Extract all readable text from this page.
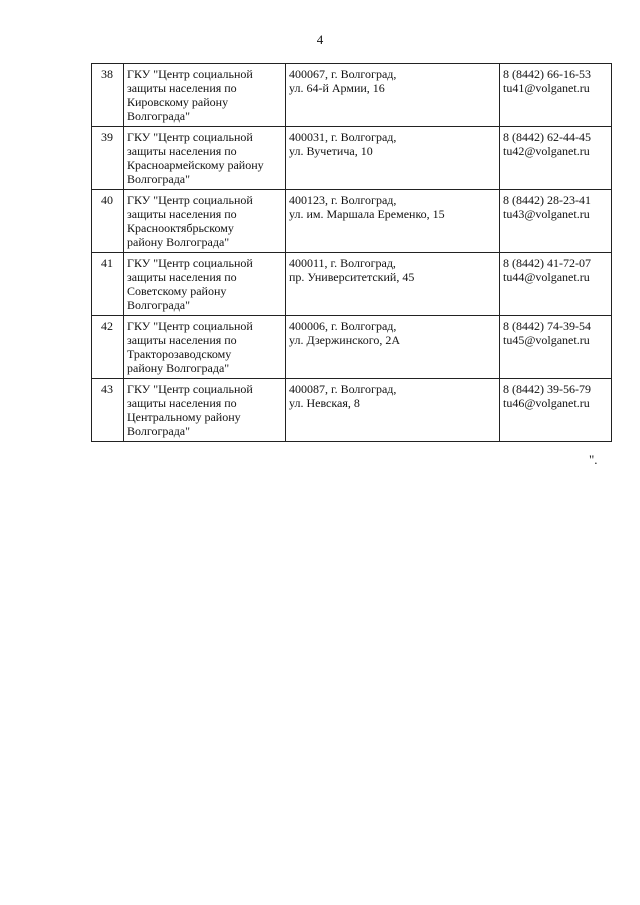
4
38	ГКУ "Центр социальной
защиты населения по
Кировскому району
Волгограда"	400067, г. Волгоград,
ул. 64-й Армии, 16	8 (8442) 66-16-53
tu41@volganet.ru
39	ГКУ "Центр социальной
защиты населения по
Красноармейскому району
Волгограда"	400031, г. Волгоград,
ул. Вучетича, 10	8 (8442) 62-44-45
tu42@volganet.ru
40	ГКУ "Центр социальной
защиты населения по
Краснооктябрьскому
району Волгограда"	400123, г. Волгоград,
ул. им. Маршала Еременко, 15	8 (8442) 28-23-41
tu43@volganet.ru
41	ГКУ "Центр социальной
защиты населения по
Советскому району
Волгограда"	400011, г. Волгоград,
пр. Университетский, 45	8 (8442) 41-72-07
tu44@volganet.ru
42	ГКУ "Центр социальной
защиты населения по
Тракторозаводскому
району Волгограда"	400006, г. Волгоград,
ул. Дзержинского, 2А	8 (8442) 74-39-54
tu45@volganet.ru
43	ГКУ "Центр социальной
защиты населения по
Центральному району
Волгограда"	400087, г. Волгоград,
ул. Невская, 8	8 (8442) 39-56-79
tu46@volganet.ru
".
